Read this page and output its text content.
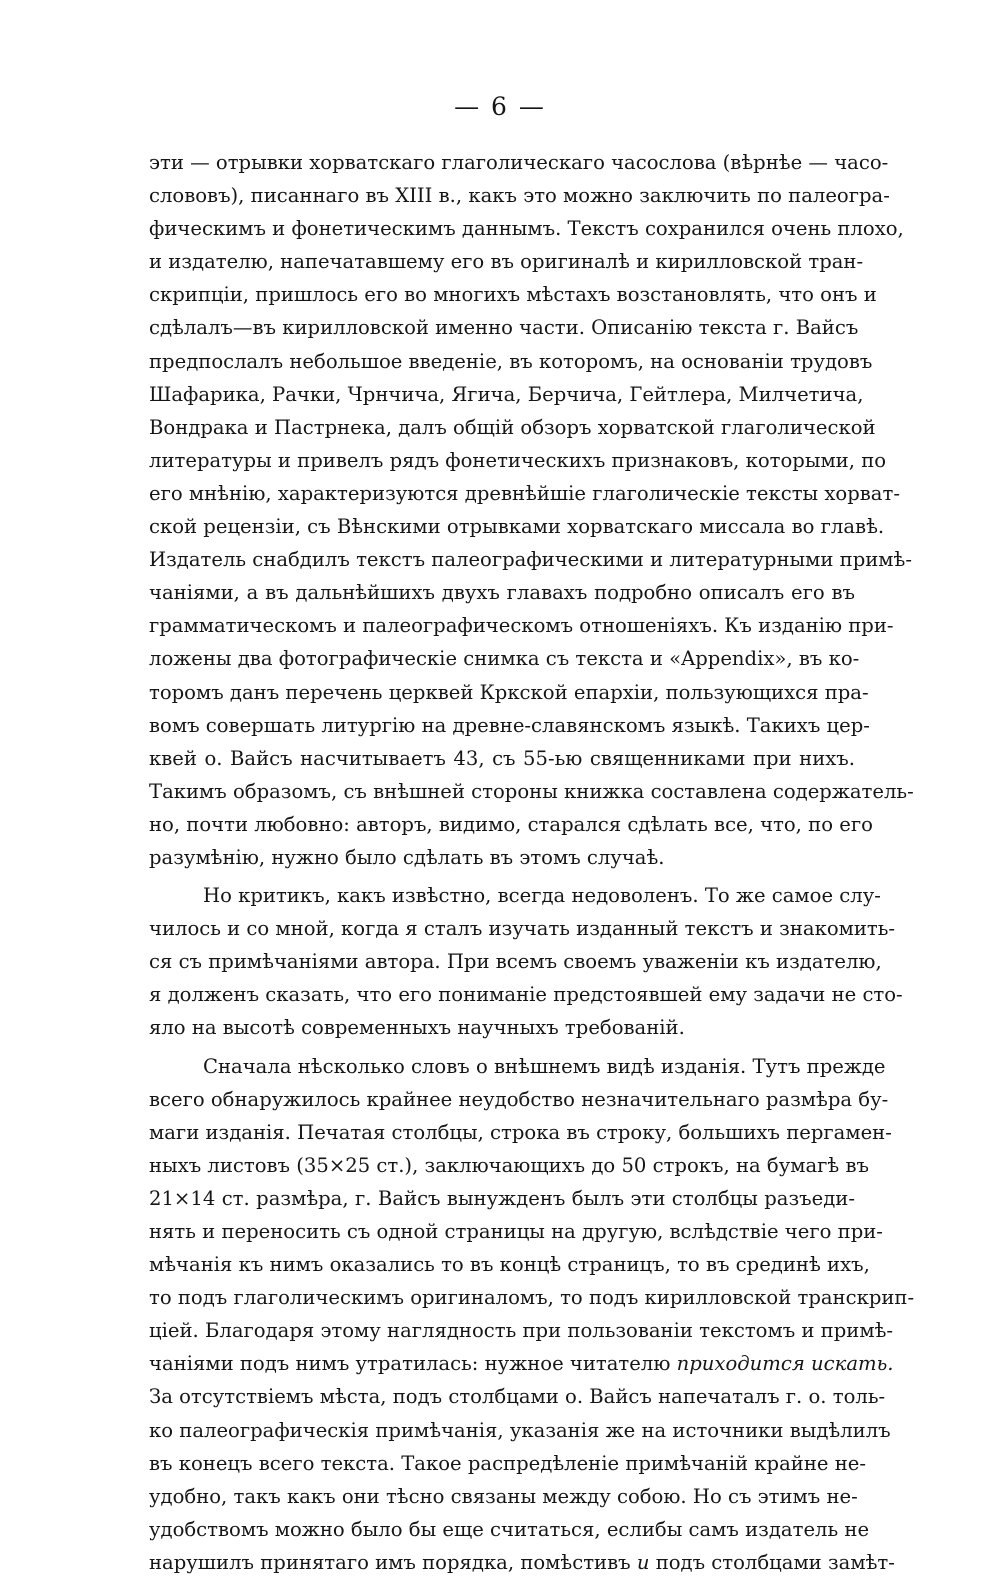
— 6 —
эти — отрывки хорватскаго глаголическаго часослова (вѣрнѣе — часо-
слововъ), писаннаго въ XIII в., какъ это можно заключить по палеогра-
фическимъ и фонетическимъ даннымъ. Текстъ сохранился очень плохо,
и издателю, напечатавшему его въ оригиналѣ и кирилловской тран-
скрипціи, пришлось его во многихъ мѣстахъ возстановлять, что онъ и
сдѣлалъ—въ кирилловской именно части. Описанію текста г. Вайсъ
предпослалъ небольшое введеніе, въ которомъ, на основаніи трудовъ
Шафарика, Рачки, Чрнчича, Ягича, Берчича, Гейтлера, Милчетича,
Вондрака и Пастрнека, далъ общій обзоръ хорватской глаголической
литературы и привелъ рядъ фонетическихъ признаковъ, которыми, по
его мнѣнію, характеризуются древнѣйшіе глаголическіе тексты хорват-
ской рецензіи, съ Вѣнскими отрывками хорватскаго миссала во главѣ.
Издатель снабдилъ текстъ палеографическими и литературными примѣ-
чаніями, а въ дальнѣйшихъ двухъ главахъ подробно описалъ его въ
грамматическомъ и палеографическомъ отношеніяхъ. Къ изданію при-
ложены два фотографическіе снимка съ текста и «Appendix», въ ко-
торомъ данъ перечень церквей Кркской епархіи, пользующихся пра-
вомъ совершать литургію на древне-славянскомъ языкѣ. Такихъ цер-
квей о. Вайсъ насчитываетъ 43, съ 55-ью священниками при нихъ.
Такимъ образомъ, съ внѣшней стороны книжка составлена содержатель-
но, почти любовно: авторъ, видимо, старался сдѣлать все, что, по его
разумѣнію, нужно было сдѣлать въ этомъ случаѣ.
Но критикъ, какъ извѣстно, всегда недоволенъ. То же самое слу-
чилось и со мной, когда я сталъ изучать изданный текстъ и знакомить-
ся съ примѣчаніями автора. При всемъ своемъ уваженіи къ издателю,
я долженъ сказать, что его пониманіе предстоявшей ему задачи не сто-
яло на высотѣ современныхъ научныхъ требованій.
Сначала нѣсколько словъ о внѣшнемъ видѣ изданія. Тутъ прежде
всего обнаружилось крайнее неудобство незначительнаго размѣра бу-
маги изданія. Печатая столбцы, строка въ строку, большихъ пергамен-
ныхъ листовъ (35×25 ст.), заключающихъ до 50 строкъ, на бумагѣ въ
21×14 ст. размѣра, г. Вайсъ вынужденъ былъ эти столбцы разъеди-
нять и переносить съ одной страницы на другую, вслѣдствіе чего при-
мѣчанія къ нимъ оказались то въ концѣ страницъ, то въ срединѣ ихъ,
то подъ глаголическимъ оригиналомъ, то подъ кирилловской транскрип-
ціей. Благодаря этому наглядность при пользованіи текстомъ и примѣ-
чаніями подъ нимъ утратилась: нужное читателю приходится искать.
За отсутствіемъ мѣста, подъ столбцами о. Вайсъ напечаталъ г. о. толь-
ко палеографическія примѣчанія, указанія же на источники выдѣлилъ
въ конецъ всего текста. Такое распредѣленіе примѣчаній крайне не-
удобно, такъ какъ они тѣсно связаны между собою. Но съ этимъ не-
удобствомъ можно было бы еще считаться, еслибы самъ издатель не
нарушилъ принятаго имъ порядка, помѣстивъ и подъ столбцами замѣт-
